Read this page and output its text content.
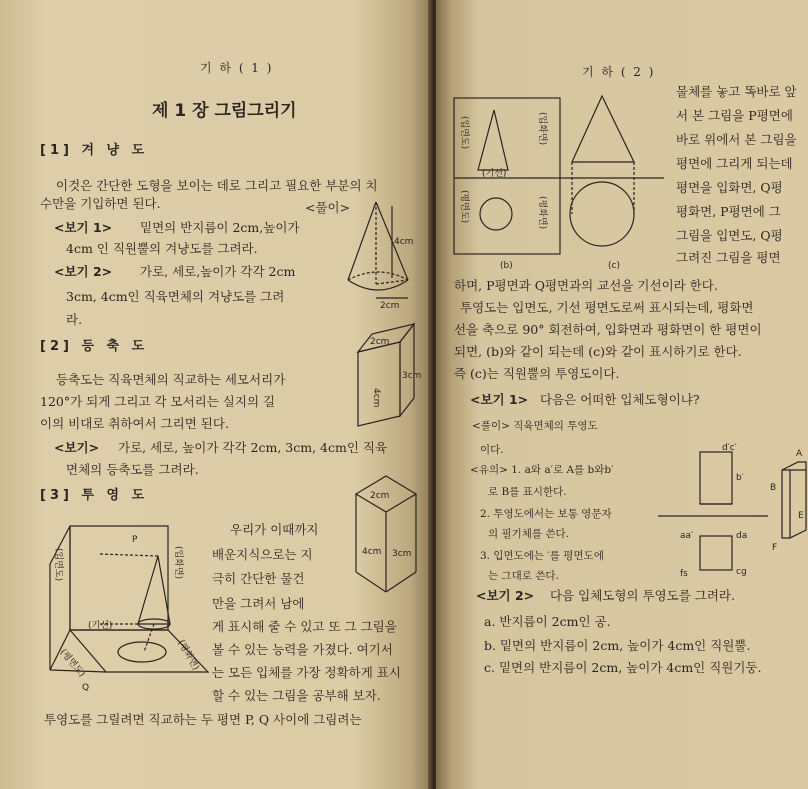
기 하 ( 1 )
제 1 장 그림그리기
[1] 겨 냥 도
이것은 간단한 도형을 보이는 데로 그리고 필요한 부분의 치
수만을 기입하면 된다.	<풀이>
<보기 1> 밑면의 반지름이 2cm,높이가
4cm 인 직원뿔의 겨냥도를 그려라.
<보기 2> 가로, 세로,높이가 각각 2cm
3cm, 4cm인 직육면체의 겨냥도를 그려
라.
[2] 등 축 도
등축도는 직육면체의 직교하는 세모서리가
120°가 되게 그리고 각 모서리는 실지의 길
이의 비대로 취하여서 그리면 된다.
<보기> 가로, 세로, 높이가 각각 2cm, 3cm, 4cm인 직육
면체의 등축도를 그려라.
[3] 투 영 도
우리가 이때까지
배운지식으로는 지
극히 간단한 물건
만을 그려서 남에
게 표시해 줄 수 있고 또 그 그림을
볼 수 있는 능력을 가졌다. 여기서
는 모든 입체를 가장 정확하게 표시
할 수 있는 그림을 공부해 보자.
투영도를 그릴려면 직교하는 두 평면 P, Q 사이에 그림려는
4cm
2cm
2cm
4cm
3cm
2cm
4cm 3cm
P
Q
(입면도)	(입화면)
(기선)
(평면도)	(평화면)
기 하 ( 2 )
(입면도)	(입화면)
(기선)
(평면도)	(평화면)
(b)	(c)
물체를 놓고 똑바로 앞
서 본 그림을 P평면에
바로 위에서 본 그림을
평면에 그리게 되는데
평면을 입화면, Q평
평화면, P평면에 그
그림을 입면도, Q평
그려진 그림을 평면
하며, P평면과 Q평면과의 교선을 기선이라 한다.
투영도는 입면도, 기선 평면도로써 표시되는데, 평화면
선을 축으로 90° 회전하여, 입화면과 평화면이 한 평면이
되면, (b)와 같이 되는데 (c)와 같이 표시하기로 한다.
즉 (c)는 직원뿔의 투영도이다.
<보기 1> 다음은 어떠한 입체도형이냐?
<풀이> 직육면체의 투영도
이다.
<유의> 1. a와 a′로 A를 b와b′
로 B를 표시한다.
2. 투영도에서는 보통 영문자
의 필기체를 쓴다.
3. 입면도에는 ′를 평면도에
는 그대로 쓴다.
<보기 2> 다음 입체도형의 투영도를 그려라.
a. 반지름이 2cm인 공.
b. 밑면의 반지름이 2cm, 높이가 4cm인 직원뿔.
c. 밑면의 반지름이 2cm, 높이가 4cm인 직원기둥.
d′c′
b′
aa′	da
fs	cg
A
B
E
F
